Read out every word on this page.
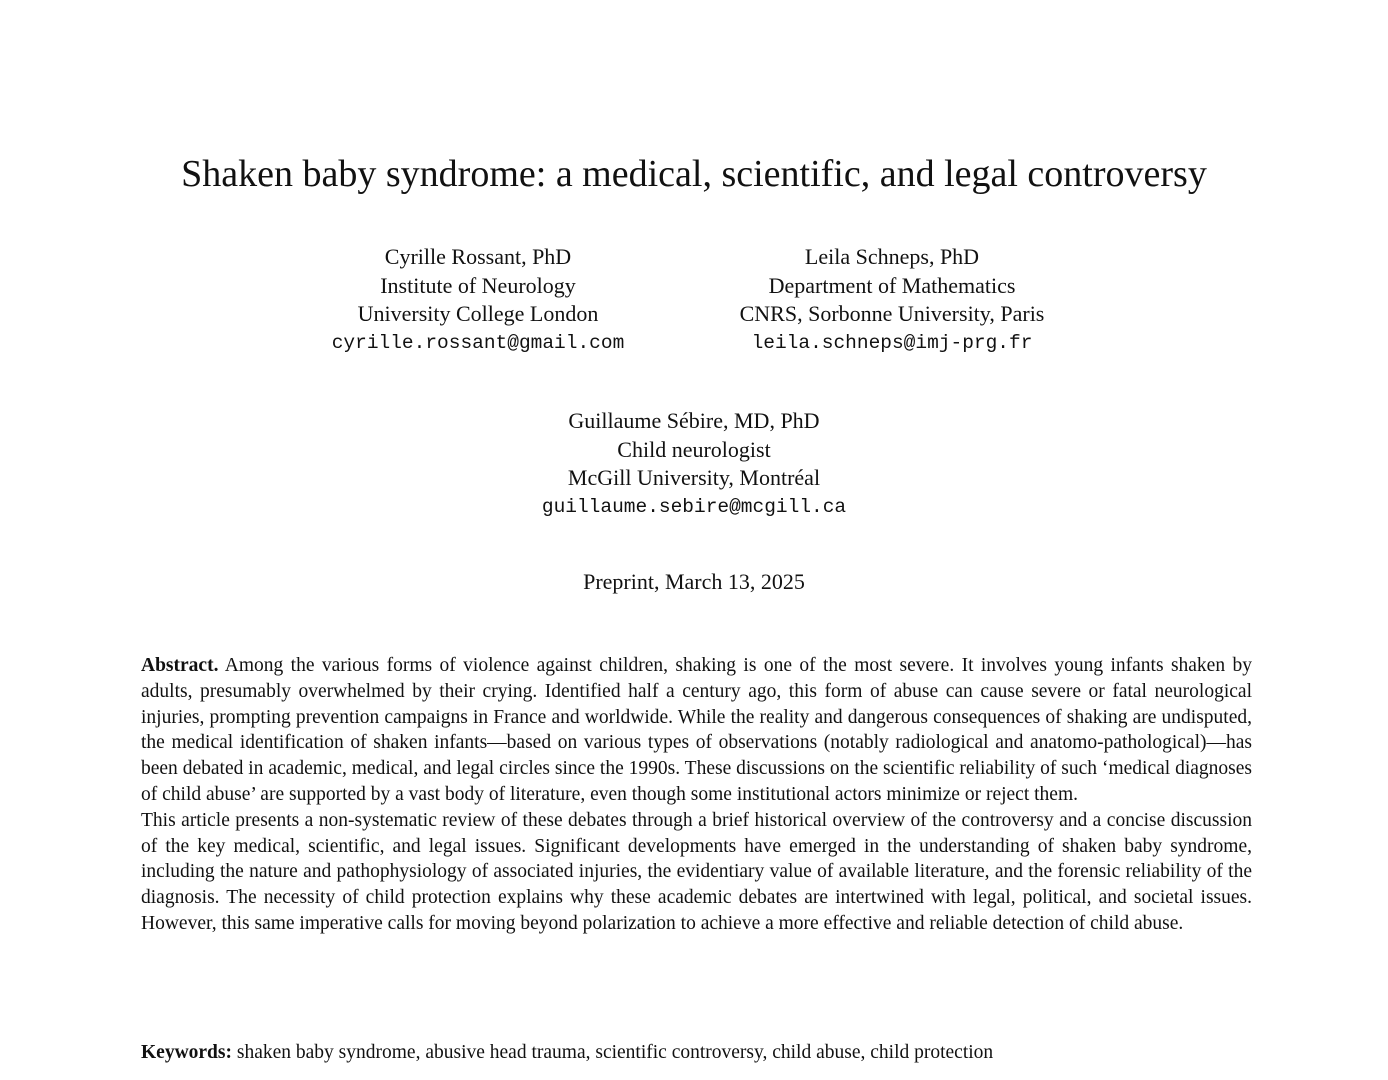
Shaken baby syndrome: a medical, scientific, and legal controversy
Cyrille Rossant, PhD
Institute of Neurology
University College London
cyrille.rossant@gmail.com
Leila Schneps, PhD
Department of Mathematics
CNRS, Sorbonne University, Paris
leila.schneps@imj-prg.fr
Guillaume Sébire, MD, PhD
Child neurologist
McGill University, Montréal
guillaume.sebire@mcgill.ca
Preprint, March 13, 2025

Abstract. Among the various forms of violence against children, shaking is one of the most severe. It involves young infants shaken by adults, presumably overwhelmed by their crying. Identified half a century ago, this form of abuse can cause severe or fatal neurological injuries, prompting prevention campaigns in France and worldwide. While the reality and dangerous consequences of shaking are undisputed, the medical identification of shaken infants—based on various types of observations (notably radiological and anatomo-pathological)—has been debated in academic, medical, and legal circles since the 1990s. These discussions on the scientific reliability of such ‘medical diagnoses of child abuse’ are supported by a vast body of literature, even though some institutional actors minimize or reject them.

This article presents a non-systematic review of these debates through a brief historical overview of the controversy and a concise discussion of the key medical, scientific, and legal issues. Significant developments have emerged in the understanding of shaken baby syndrome, including the nature and pathophysiology of associated injuries, the evidentiary value of available literature, and the forensic reliability of the diagnosis. The necessity of child protection explains why these academic debates are intertwined with legal, political, and societal issues. However, this same imperative calls for moving beyond polarization to achieve a more effective and reliable detection of child abuse.

Keywords: shaken baby syndrome, abusive head trauma, scientific controversy, child abuse, child protection
